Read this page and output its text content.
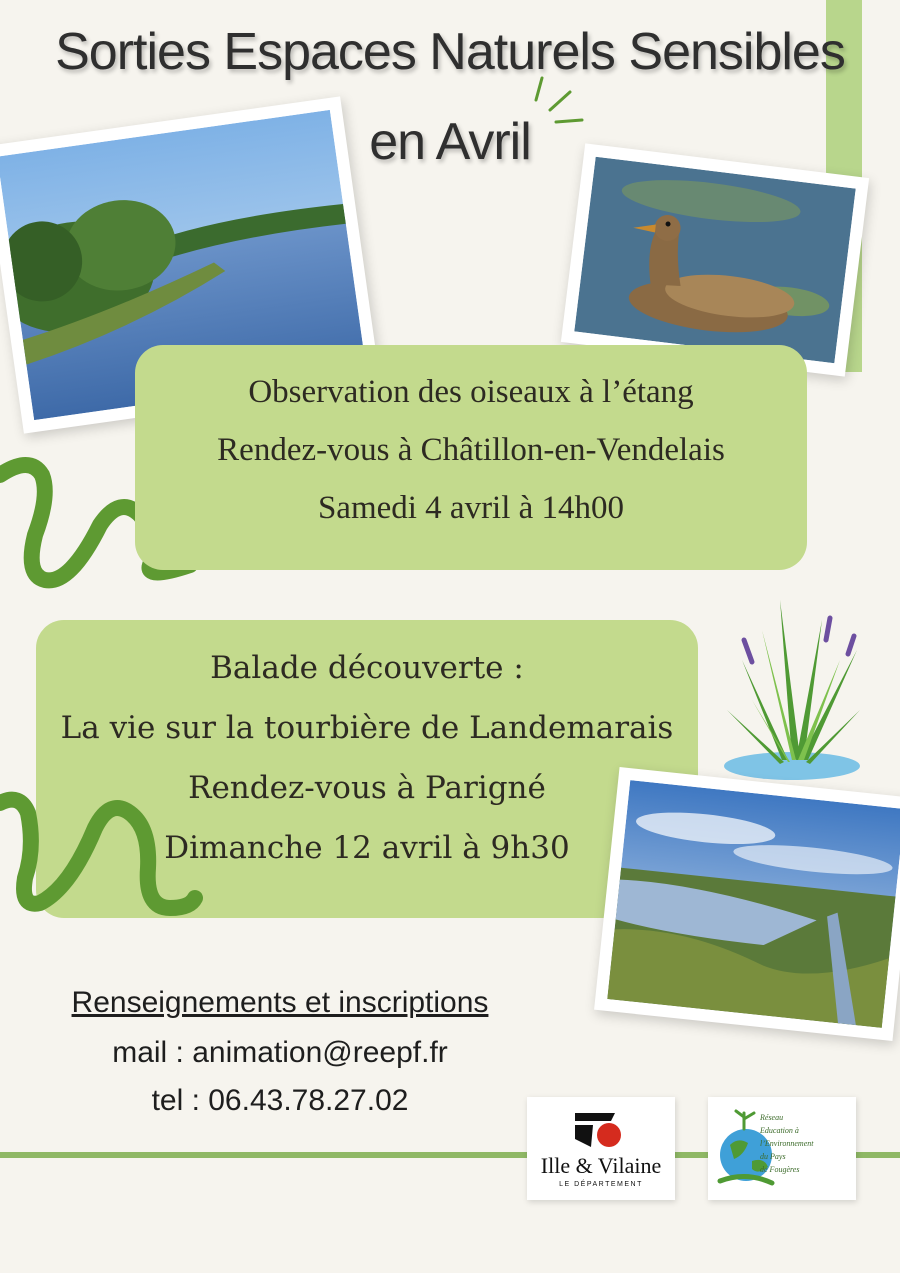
Sorties Espaces Naturels Sensibles
en Avril
Observation des oiseaux à l’étang
Rendez-vous à Châtillon-en-Vendelais
Samedi 4 avril à 14h00
Balade découverte :
La vie sur la tourbière de Landemarais
Rendez-vous à Parigné
Dimanche 12 avril à 9h30
Renseignements et inscriptions
mail : animation@reepf.fr
tel : 06.43.78.27.02
Ille & Vilaine
LE DÉPARTEMENT
Réseau
Education à
l’Environnement
du Pays
de Fougères
